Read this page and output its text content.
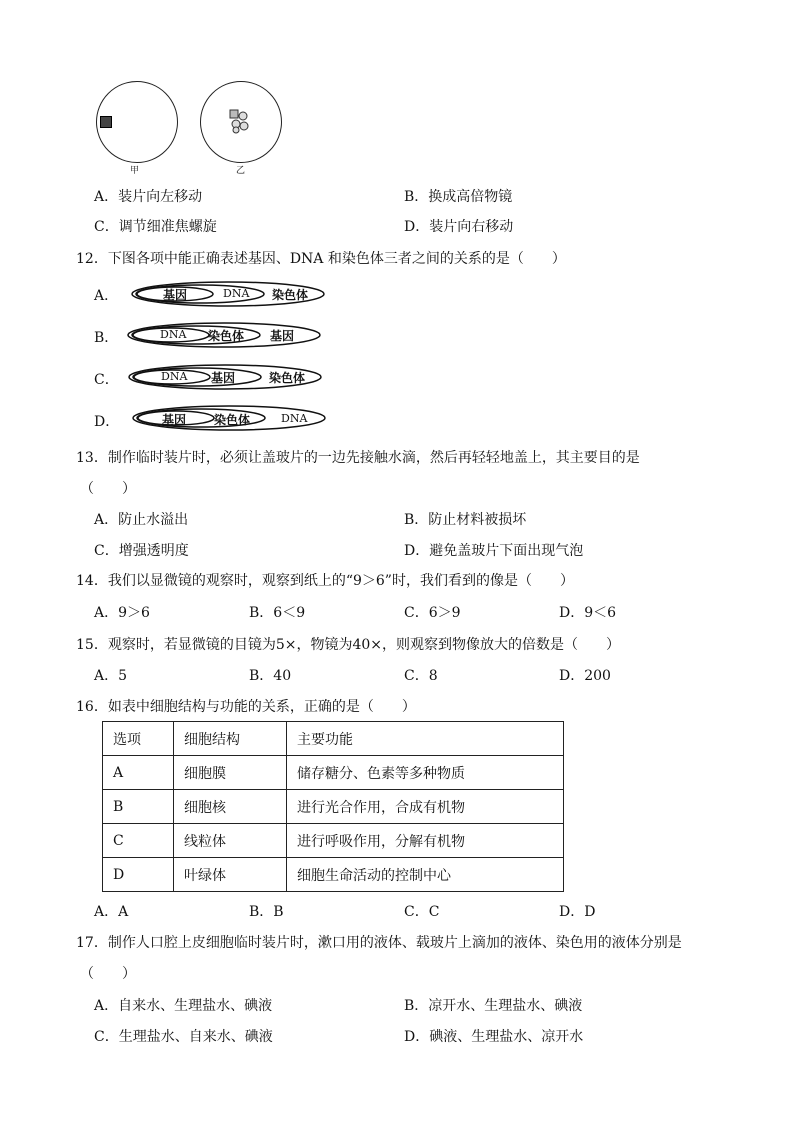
甲	乙
A．装片向左移动	B．换成高倍物镜
C．调节细准焦螺旋	D．装片向右移动
12．下图各项中能正确表述基因、DNA 和染色体三者之间的关系的是（　　）
A．	基因	DNA 染色体
B．	DNA 染色体 基因
C．	DNA 基因	染色体
D．	基因 染色体	DNA
13．制作临时装片时，必须让盖玻片的一边先接触水滴，然后再轻轻地盖上，其主要目的是
（　　）
A．防止水溢出	B．防止材料被损坏
C．增强透明度	D．避免盖玻片下面出现气泡
14．我们以显微镜的观察时，观察到纸上的“9＞6”时，我们看到的像是（　　）
A．9＞6	B．6＜9	C．6＞9	D．9＜6
15．观察时，若显微镜的目镜为5×，物镜为40×，则观察到物像放大的倍数是（　　）
A．5	B．40	C．8	D．200
16．如表中细胞结构与功能的关系，正确的是（　　）
选项	细胞结构	主要功能
A	细胞膜	储存糖分、色素等多种物质
B	细胞核	进行光合作用，合成有机物
C	线粒体	进行呼吸作用，分解有机物
D	叶绿体	细胞生命活动的控制中心
A．A	B．B	C．C	D．D
17．制作人口腔上皮细胞临时装片时，漱口用的液体、载玻片上滴加的液体、染色用的液体分别是
（　　）
A．自来水、生理盐水、碘液	B．凉开水、生理盐水、碘液
C．生理盐水、自来水、碘液	D．碘液、生理盐水、凉开水
